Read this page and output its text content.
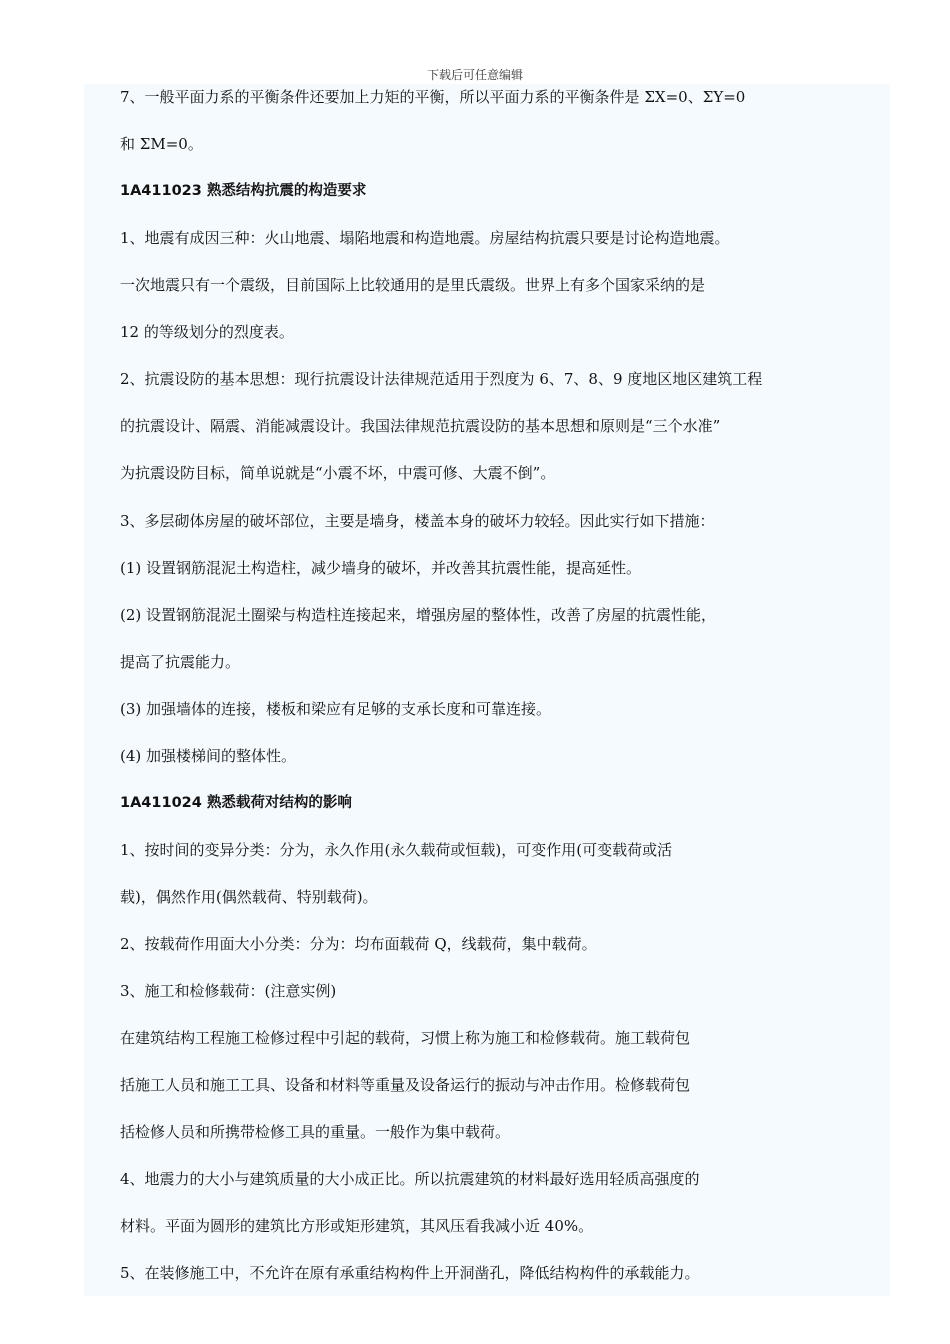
下载后可任意编辑
7、一般平面力系的平衡条件还要加上力矩的平衡，所以平面力系的平衡条件是 ΣX=0、ΣY=0
和 ΣM=0。
1A411023 熟悉结构抗震的构造要求
1、地震有成因三种：火山地震、塌陷地震和构造地震。房屋结构抗震只要是讨论构造地震。
一次地震只有一个震级，目前国际上比较通用的是里氏震级。世界上有多个国家采纳的是
12 的等级划分的烈度表。
2、抗震设防的基本思想：现行抗震设计法律规范适用于烈度为 6、7、8、9 度地区地区建筑工程
的抗震设计、隔震、消能减震设计。我国法律规范抗震设防的基本思想和原则是“三个水准”
为抗震设防目标，简单说就是“小震不坏，中震可修、大震不倒”。
3、多层砌体房屋的破坏部位，主要是墙身，楼盖本身的破坏力较轻。因此实行如下措施：
(1) 设置钢筋混泥土构造柱，减少墙身的破坏，并改善其抗震性能，提高延性。
(2) 设置钢筋混泥土圈梁与构造柱连接起来，增强房屋的整体性，改善了房屋的抗震性能，
提高了抗震能力。
(3) 加强墙体的连接，楼板和梁应有足够的支承长度和可靠连接。
(4) 加强楼梯间的整体性。
1A411024 熟悉载荷对结构的影响
1、按时间的变异分类：分为，永久作用(永久载荷或恒载)，可变作用(可变载荷或活
载)，偶然作用(偶然载荷、特别载荷)。
2、按载荷作用面大小分类：分为：均布面载荷 Q，线载荷，集中载荷。
3、施工和检修载荷：(注意实例)
在建筑结构工程施工检修过程中引起的载荷，习惯上称为施工和检修载荷。施工载荷包
括施工人员和施工工具、设备和材料等重量及设备运行的振动与冲击作用。检修载荷包
括检修人员和所携带检修工具的重量。一般作为集中载荷。
4、地震力的大小与建筑质量的大小成正比。所以抗震建筑的材料最好选用轻质高强度的
材料。平面为圆形的建筑比方形或矩形建筑，其风压看我减小近 40%。
5、在装修施工中，不允许在原有承重结构构件上开洞凿孔，降低结构构件的承载能力。
